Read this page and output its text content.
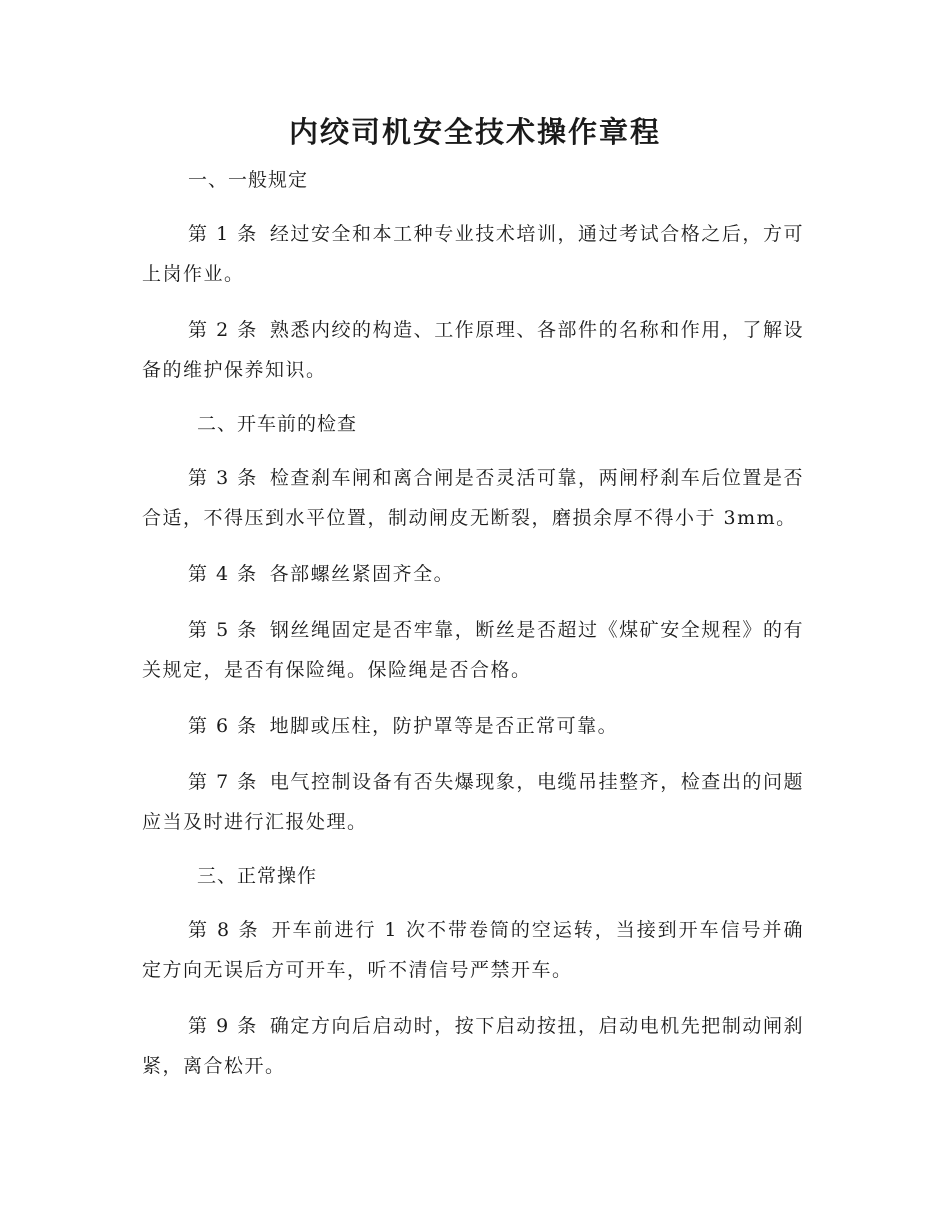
内绞司机安全技术操作章程

一、一般规定

第 1 条 经过安全和本工种专业技术培训，通过考试合格之后，方可上岗作业。

第 2 条 熟悉内绞的构造、工作原理、各部件的名称和作用，了解设备的维护保养知识。

二、开车前的检查

第 3 条 检查刹车闸和离合闸是否灵活可靠，两闸杼刹车后位置是否合适，不得压到水平位置，制动闸皮无断裂，磨损余厚不得小于 3mm。

第 4 条 各部螺丝紧固齐全。

第 5 条 钢丝绳固定是否牢靠，断丝是否超过《煤矿安全规程》的有关规定，是否有保险绳。保险绳是否合格。

第 6 条 地脚或压柱，防护罩等是否正常可靠。

第 7 条 电气控制设备有否失爆现象，电缆吊挂整齐，检查出的问题应当及时进行汇报处理。

三、正常操作

第 8 条 开车前进行 1 次不带卷筒的空运转，当接到开车信号并确定方向无误后方可开车，听不清信号严禁开车。

第 9 条 确定方向后启动时，按下启动按扭，启动电机先把制动闸刹紧，离合松开。
